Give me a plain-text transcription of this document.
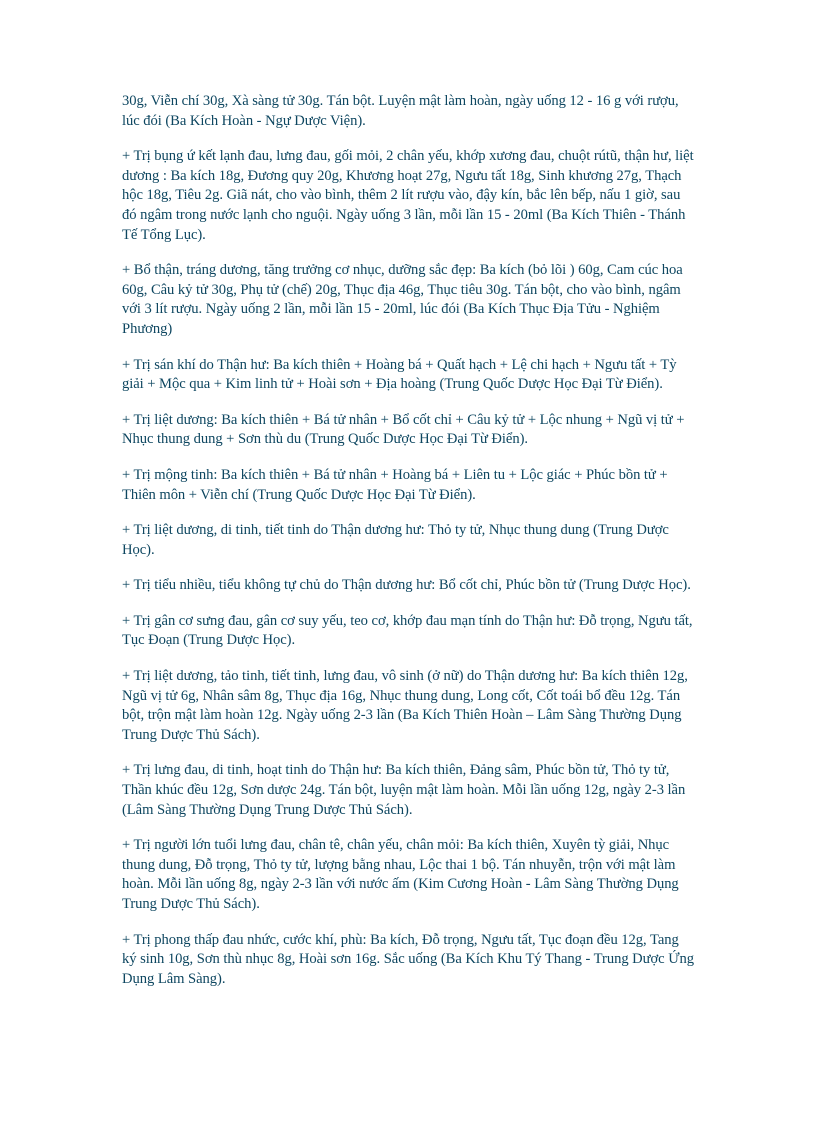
30g, Viễn chí 30g, Xà sàng tử 30g. Tán bột. Luyện mật làm hoàn, ngày uống 12 - 16 g với rượu, lúc đói (Ba Kích Hoàn - Ngự Dược Viện).

+ Trị bụng ứ kết lạnh đau, lưng đau, gối mỏi, 2 chân yếu, khớp xương đau, chuột rútũ, thận hư, liệt dương : Ba kích 18g, Đương quy 20g, Khương hoạt 27g, Ngưu tất 18g, Sinh khương 27g, Thạch hộc 18g, Tiêu 2g. Giã nát, cho vào bình, thêm 2 lít rượu vào, đậy kín, bắc lên bếp, nấu 1 giờ, sau đó ngâm trong nước lạnh cho nguội. Ngày uống 3 lần, mỗi lần 15 - 20ml (Ba Kích Thiên - Thánh Tế Tổng Lục).

+ Bổ thận, tráng dương, tăng trưởng cơ nhục, dưỡng sắc đẹp: Ba kích (bỏ lõi ) 60g, Cam cúc hoa 60g, Câu kỷ tử 30g, Phụ tử (chế) 20g, Thục địa 46g, Thục tiêu 30g. Tán bột, cho vào bình, ngâm với 3 lít rượu. Ngày uống 2 lần, mỗi lần 15 - 20ml, lúc đói (Ba Kích Thục Địa Tửu - Nghiệm Phương)

+ Trị sán khí do Thận hư: Ba kích thiên + Hoàng bá + Quất hạch + Lệ chi hạch + Ngưu tất + Tỳ giải + Mộc qua + Kim linh tử + Hoài sơn + Địa hoàng (Trung Quốc Dược Học Đại Từ Điển).

+ Trị liệt dương: Ba kích thiên + Bá tử nhân + Bổ cốt chỉ + Câu kỷ tử + Lộc nhung + Ngũ vị tử + Nhục thung dung + Sơn thù du (Trung Quốc Dược Học Đại Từ Điển).

+ Trị mộng tinh: Ba kích thiên + Bá tử nhân + Hoàng bá + Liên tu + Lộc giác + Phúc bồn tử + Thiên môn + Viễn chí (Trung Quốc Dược Học Đại Từ Điển).

+ Trị liệt dương, di tinh, tiết tinh do Thận dương hư: Thỏ ty tử, Nhục thung dung (Trung Dược Học).

+ Trị tiểu nhiều, tiểu không tự chủ do Thận dương hư: Bổ cốt chỉ, Phúc bồn tử (Trung Dược Học).

+ Trị gân cơ sưng đau, gân cơ suy yếu, teo cơ, khớp đau mạn tính do Thận hư: Đỗ trọng, Ngưu tất, Tục Đoạn (Trung Dược Học).

+ Trị liệt dương, tảo tinh, tiết tinh, lưng đau, vô sinh (ở nữ) do Thận dương hư: Ba kích thiên 12g, Ngũ vị tử 6g, Nhân sâm 8g, Thục địa 16g, Nhục thung dung, Long cốt, Cốt toái bổ đều 12g. Tán bột, trộn mật làm hoàn 12g. Ngày uống 2-3 lần (Ba Kích Thiên Hoàn – Lâm Sàng Thường Dụng Trung Dược Thủ Sách).

+ Trị lưng đau, di tinh, hoạt tinh do Thận hư: Ba kích thiên, Đảng sâm, Phúc bồn tử, Thỏ ty tử, Thần khúc đều 12g, Sơn dược 24g. Tán bột, luyện mật làm hoàn. Mỗi lần uống 12g, ngày 2-3 lần (Lâm Sàng Thường Dụng Trung Dược Thủ Sách).

+ Trị người lớn tuổi lưng đau, chân tê, chân yếu, chân mỏi: Ba kích thiên, Xuyên tỳ giải, Nhục thung dung, Đỗ trọng, Thỏ ty tử, lượng bằng nhau, Lộc thai 1 bộ. Tán nhuyễn, trộn với mật làm hoàn. Mỗi lần uống 8g, ngày 2-3 lần với nước ấm (Kim Cương Hoàn - Lâm Sàng Thường Dụng Trung Dược Thủ Sách).

+ Trị phong thấp đau nhức, cước khí, phù: Ba kích, Đỗ trọng, Ngưu tất, Tục đoạn đều 12g, Tang ký sinh 10g, Sơn thù nhục 8g, Hoài sơn 16g. Sắc uống (Ba Kích Khu Tý Thang - Trung Dược Ứng Dụng Lâm Sàng).
